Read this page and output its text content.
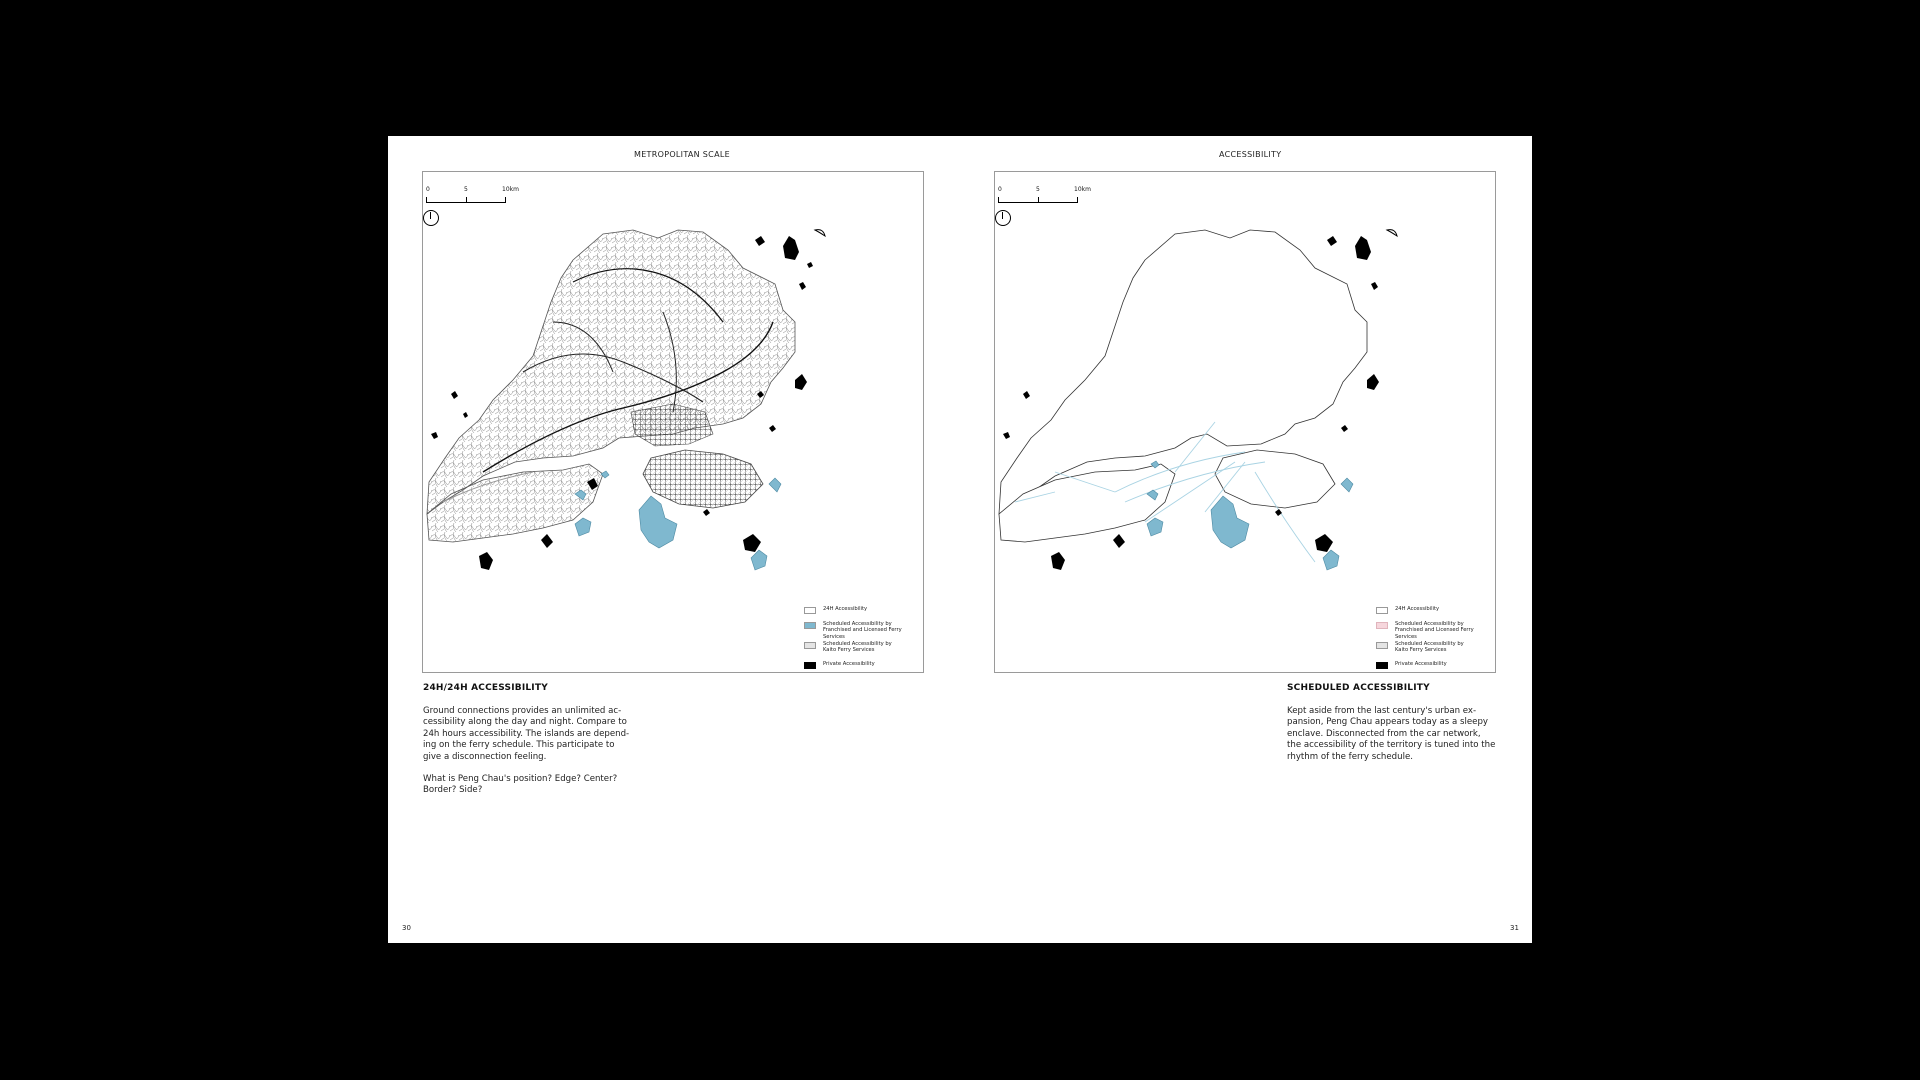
METROPOLITAN SCALE
0	5	10km
24H Accessibility
Scheduled Accessibility by
Franchised and Licensed Ferry Services
Scheduled Accessibility by
Kaito Ferry Services
Private Accessibility
24H/24H ACCESSIBILITY
Ground connections provides an unlimited ac-
cessibility along the day and night. Compare to
24h hours accessibility. The islands are depend-
ing on the ferry schedule. This participate to
give a disconnection feeling.
What is Peng Chau's position? Edge? Center?
Border? Side?
30
ACCESSIBILITY
0	5	10km
24H Accessibility
Scheduled Accessibility by
Franchised and Licensed Ferry Services
Scheduled Accessibility by
Kaito Ferry Services
Private Accessibility
SCHEDULED ACCESSIBILITY
Kept aside from the last century's urban ex-
pansion, Peng Chau appears today as a sleepy
enclave. Disconnected from the car network,
the accessibility of the territory is tuned into the
rhythm of the ferry schedule.
31
